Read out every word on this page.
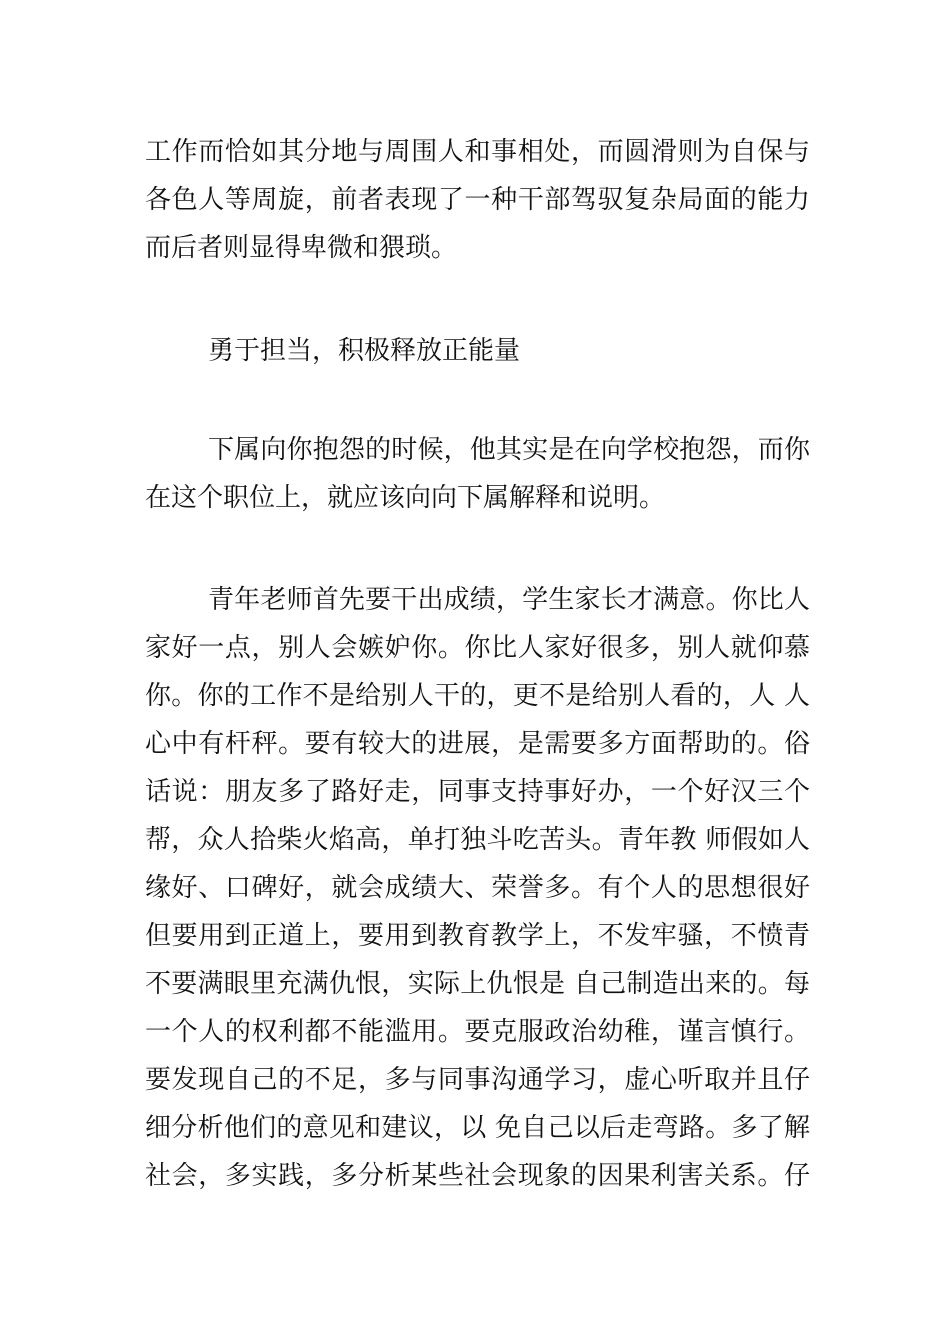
工作而恰如其分地与周围人和事相处，而圆滑则为自保与
各色人等周旋，前者表现了一种干部驾驭复杂局面的能力
而后者则显得卑微和猥琐。
勇于担当，积极释放正能量
下属向你抱怨的时候，他其实是在向学校抱怨，而你
在这个职位上，就应该向向下属解释和说明。
青年老师首先要干出成绩，学生家长才满意。你比人
家好一点，别人会嫉妒你。你比人家好很多，别人就仰慕
你。你的工作不是给别人干的，更不是给别人看的，人 人
心中有杆秤。要有较大的进展，是需要多方面帮助的。俗
话说：朋友多了路好走，同事支持事好办，一个好汉三个
帮，众人拾柴火焰高，单打独斗吃苦头。青年教 师假如人
缘好、口碑好，就会成绩大、荣誉多。有个人的思想很好
但要用到正道上，要用到教育教学上，不发牢骚，不愤青
不要满眼里充满仇恨，实际上仇恨是 自己制造出来的。每
一个人的权利都不能滥用。要克服政治幼稚，谨言慎行。
要发现自己的不足，多与同事沟通学习，虚心听取并且仔
细分析他们的意见和建议，以 免自己以后走弯路。多了解
社会，多实践，多分析某些社会现象的因果利害关系。仔
